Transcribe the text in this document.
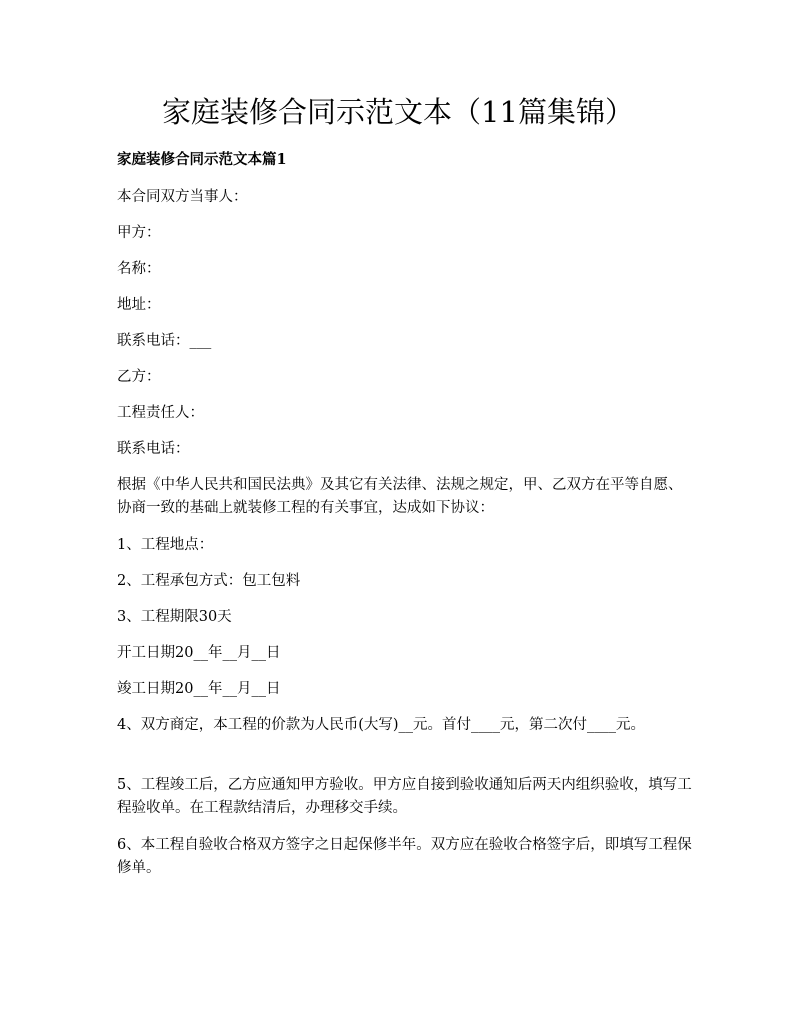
家庭装修合同示范文本（11篇集锦）

家庭装修合同示范文本篇1

本合同双方当事人：

甲方：

名称：

地址：

联系电话：___

乙方：

工程责任人：

联系电话：

根据《中华人民共和国民法典》及其它有关法律、法规之规定，甲、乙双方在平等自愿、协商一致的基础上就装修工程的有关事宜，达成如下协议：

1、工程地点：

2、工程承包方式：包工包料

3、工程期限30天

开工日期20__年__月__日

竣工日期20__年__月__日

4、双方商定，本工程的价款为人民币(大写)__元。首付____元，第二次付____元。

5、工程竣工后，乙方应通知甲方验收。甲方应自接到验收通知后两天内组织验收，填写工程验收单。在工程款结清后，办理移交手续。

6、本工程自验收合格双方签字之日起保修半年。双方应在验收合格签字后，即填写工程保修单。
